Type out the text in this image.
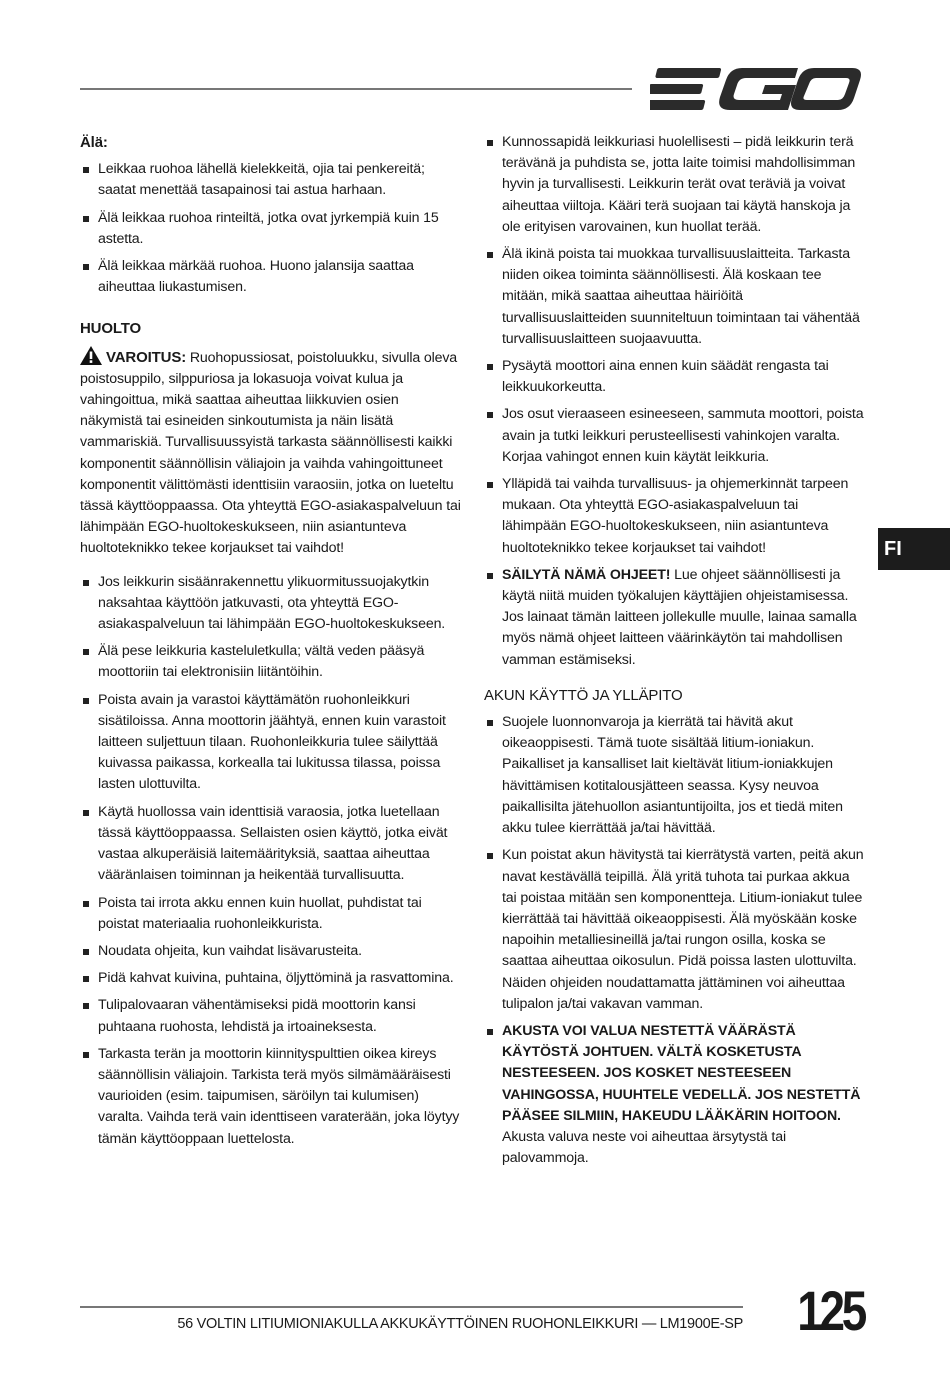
Älä:
Leikkaa ruohoa lähellä kielekkeitä, ojia tai penkereitä; saatat menettää tasapainosi tai astua harhaan.
Älä leikkaa ruohoa rinteiltä, jotka ovat jyrkempiä kuin 15 astetta.
Älä leikkaa märkää ruohoa. Huono jalansija saattaa aiheuttaa liukastumisen.
HUOLTO

VAROITUS: Ruohopussiosat, poistoluukku, sivulla oleva poistosuppilo, silppuriosa ja lokasuoja voivat kulua ja vahingoittua, mikä saattaa aiheuttaa liikkuvien osien näkymistä tai esineiden sinkoutumista ja näin lisätä vammariskiä. Turvallisuussyistä tarkasta säännöllisesti kaikki komponentit säännöllisin väliajoin ja vaihda vahingoittuneet komponentit välittömästi identtisiin varaosiin, jotka on lueteltu tässä käyttöoppaassa. Ota yhteyttä EGO-asiakaspalveluun tai lähimpään EGO-huoltokeskukseen, niin asiantunteva huoltoteknikko tekee korjaukset tai vaihdot!

Jos leikkurin sisäänrakennettu ylikuormitussuojakytkin naksahtaa käyttöön jatkuvasti, ota yhteyttä EGO-asiakaspalveluun tai lähimpään EGO-huoltokeskukseen.
Älä pese leikkuria kasteluletkulla; vältä veden pääsyä moottoriin tai elektronisiin liitäntöihin.
Poista avain ja varastoi käyttämätön ruohonleikkuri sisätiloissa. Anna moottorin jäähtyä, ennen kuin varastoit laitteen suljettuun tilaan. Ruohonleikkuria tulee säilyttää kuivassa paikassa, korkealla tai lukitussa tilassa, poissa lasten ulottuvilta.
Käytä huollossa vain identtisiä varaosia, jotka luetellaan tässä käyttöoppaassa. Sellaisten osien käyttö, jotka eivät vastaa alkuperäisiä laitemäärityksiä, saattaa aiheuttaa vääränlaisen toiminnan ja heikentää turvallisuutta.
Poista tai irrota akku ennen kuin huollat, puhdistat tai poistat materiaalia ruohonleikkurista.
Noudata ohjeita, kun vaihdat lisävarusteita.
Pidä kahvat kuivina, puhtaina, öljyttöminä ja rasvattomina.
Tulipalovaaran vähentämiseksi pidä moottorin kansi puhtaana ruohosta, lehdistä ja irtoaineksesta.
Tarkasta terän ja moottorin kiinnityspulttien oikea kireys säännöllisin väliajoin. Tarkista terä myös silmämääräisesti vaurioiden (esim. taipumisen, säröilyn tai kulumisen) varalta. Vaihda terä vain identtiseen varaterään, joka löytyy tämän käyttöoppaan luettelosta.
Kunnossapidä leikkuriasi huolellisesti – pidä leikkurin terä terävänä ja puhdista se, jotta laite toimisi mahdollisimman hyvin ja turvallisesti. Leikkurin terät ovat teräviä ja voivat aiheuttaa viiltoja. Kääri terä suojaan tai käytä hanskoja ja ole erityisen varovainen, kun huollat terää.
Älä ikinä poista tai muokkaa turvallisuuslaitteita. Tarkasta niiden oikea toiminta säännöllisesti. Älä koskaan tee mitään, mikä saattaa aiheuttaa häiriöitä turvallisuuslaitteiden suunniteltuun toimintaan tai vähentää turvallisuuslaitteen suojaavuutta.
Pysäytä moottori aina ennen kuin säädät rengasta tai leikkuukorkeutta.
Jos osut vieraaseen esineeseen, sammuta moottori, poista avain ja tutki leikkuri perusteellisesti vahinkojen varalta. Korjaa vahingot ennen kuin käytät leikkuria.
Ylläpidä tai vaihda turvallisuus- ja ohjemerkinnät tarpeen mukaan. Ota yhteyttä EGO-asiakaspalveluun tai lähimpään EGO-huoltokeskukseen, niin asiantunteva huoltoteknikko tekee korjaukset tai vaihdot!
SÄILYTÄ NÄMÄ OHJEET! Lue ohjeet säännöllisesti ja käytä niitä muiden työkalujen käyttäjien ohjeistamisessa. Jos lainaat tämän laitteen jollekulle muulle, lainaa samalla myös nämä ohjeet laitteen väärinkäytön tai mahdollisen vamman estämiseksi.
AKUN KÄYTTÖ JA YLLÄPITO
Suojele luonnonvaroja ja kierrätä tai hävitä akut oikeaoppisesti. Tämä tuote sisältää litium-ioniakun. Paikalliset ja kansalliset lait kieltävät litium-ioniakkujen hävittämisen kotitalousjätteen seassa. Kysy neuvoa paikallisilta jätehuollon asiantuntijoilta, jos et tiedä miten akku tulee kierrättää ja/tai hävittää.
Kun poistat akun hävitystä tai kierrätystä varten, peitä akun navat kestävällä teipillä. Älä yritä tuhota tai purkaa akkua tai poistaa mitään sen komponentteja. Litium-ioniakut tulee kierrättää tai hävittää oikeaoppisesti. Älä myöskään koske napoihin metalliesineillä ja/tai rungon osilla, koska se saattaa aiheuttaa oikosulun. Pidä poissa lasten ulottuvilta. Näiden ohjeiden noudattamatta jättäminen voi aiheuttaa tulipalon ja/tai vakavan vamman.
AKUSTA VOI VALUA NESTETTÄ VÄÄRÄSTÄ KÄYTÖSTÄ JOHTUEN. VÄLTÄ KOSKETUSTA NESTEESEEN. JOS KOSKET NESTEESEEN VAHINGOSSA, HUUHTELE VEDELLÄ. JOS NESTETTÄ PÄÄSEE SILMIIN, HAKEUDU LÄÄKÄRIN HOITOON. Akusta valuva neste voi aiheuttaa ärsytystä tai palovammoja.
FI
56 VOLTIN LITIUMIONIAKULLA AKKUKÄYTTÖINEN RUOHONLEIKKURI — LM1900E-SP 125
